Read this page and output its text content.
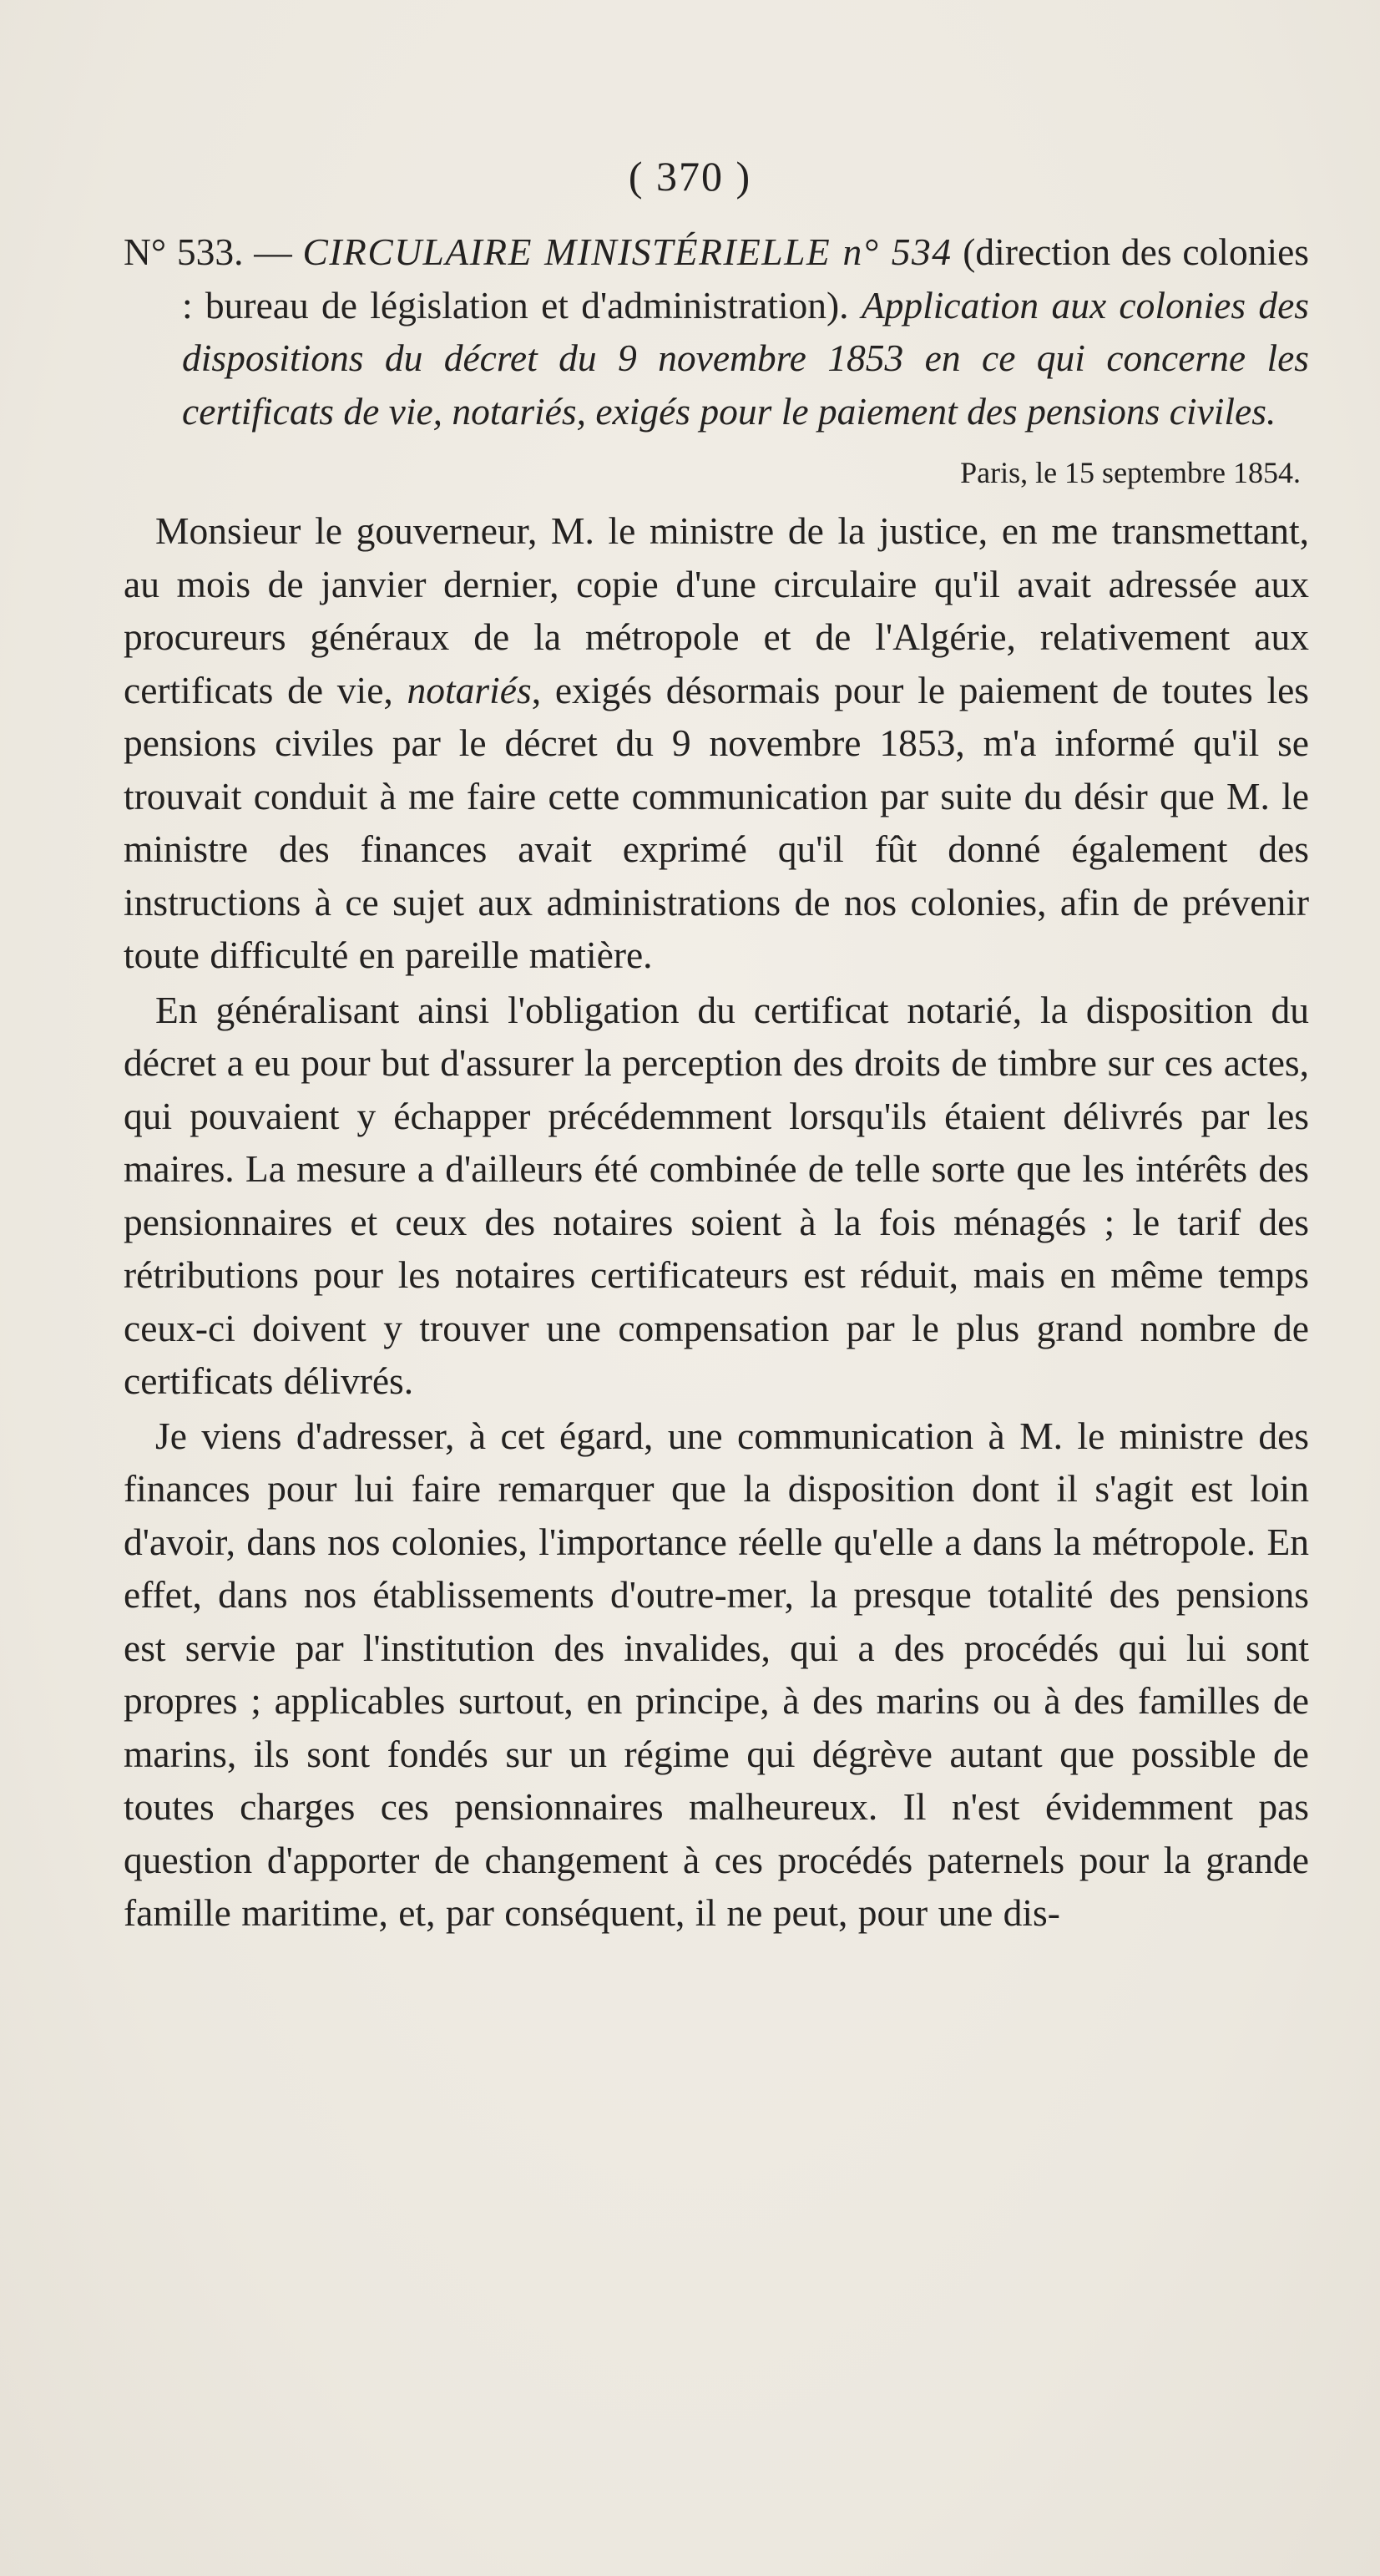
( 370 )

N° 533. — CIRCULAIRE MINISTÉRIELLE n° 534 (direction des colonies : bureau de législation et d'administration). Application aux colonies des dispositions du décret du 9 novembre 1853 en ce qui concerne les certificats de vie, notariés, exigés pour le paiement des pensions civiles.

Paris, le 15 septembre 1854.

Monsieur le gouverneur, M. le ministre de la justice, en me transmettant, au mois de janvier dernier, copie d'une circulaire qu'il avait adressée aux procureurs généraux de la métropole et de l'Algérie, relativement aux certificats de vie, notariés, exigés désormais pour le paiement de toutes les pensions civiles par le décret du 9 novembre 1853, m'a informé qu'il se trouvait conduit à me faire cette communication par suite du désir que M. le ministre des finances avait exprimé qu'il fût donné également des instructions à ce sujet aux administrations de nos colonies, afin de prévenir toute difficulté en pareille matière.

En généralisant ainsi l'obligation du certificat notarié, la disposition du décret a eu pour but d'assurer la perception des droits de timbre sur ces actes, qui pouvaient y échapper précédemment lorsqu'ils étaient délivrés par les maires. La mesure a d'ailleurs été combinée de telle sorte que les intérêts des pensionnaires et ceux des notaires soient à la fois ménagés ; le tarif des rétributions pour les notaires certificateurs est réduit, mais en même temps ceux-ci doivent y trouver une compensation par le plus grand nombre de certificats délivrés.

Je viens d'adresser, à cet égard, une communication à M. le ministre des finances pour lui faire remarquer que la disposition dont il s'agit est loin d'avoir, dans nos colonies, l'importance réelle qu'elle a dans la métropole. En effet, dans nos établissements d'outre-mer, la presque totalité des pensions est servie par l'institution des invalides, qui a des procédés qui lui sont propres ; applicables surtout, en principe, à des marins ou à des familles de marins, ils sont fondés sur un régime qui dégrève autant que possible de toutes charges ces pensionnaires malheureux. Il n'est évidemment pas question d'apporter de changement à ces procédés paternels pour la grande famille maritime, et, par conséquent, il ne peut, pour une dis-
